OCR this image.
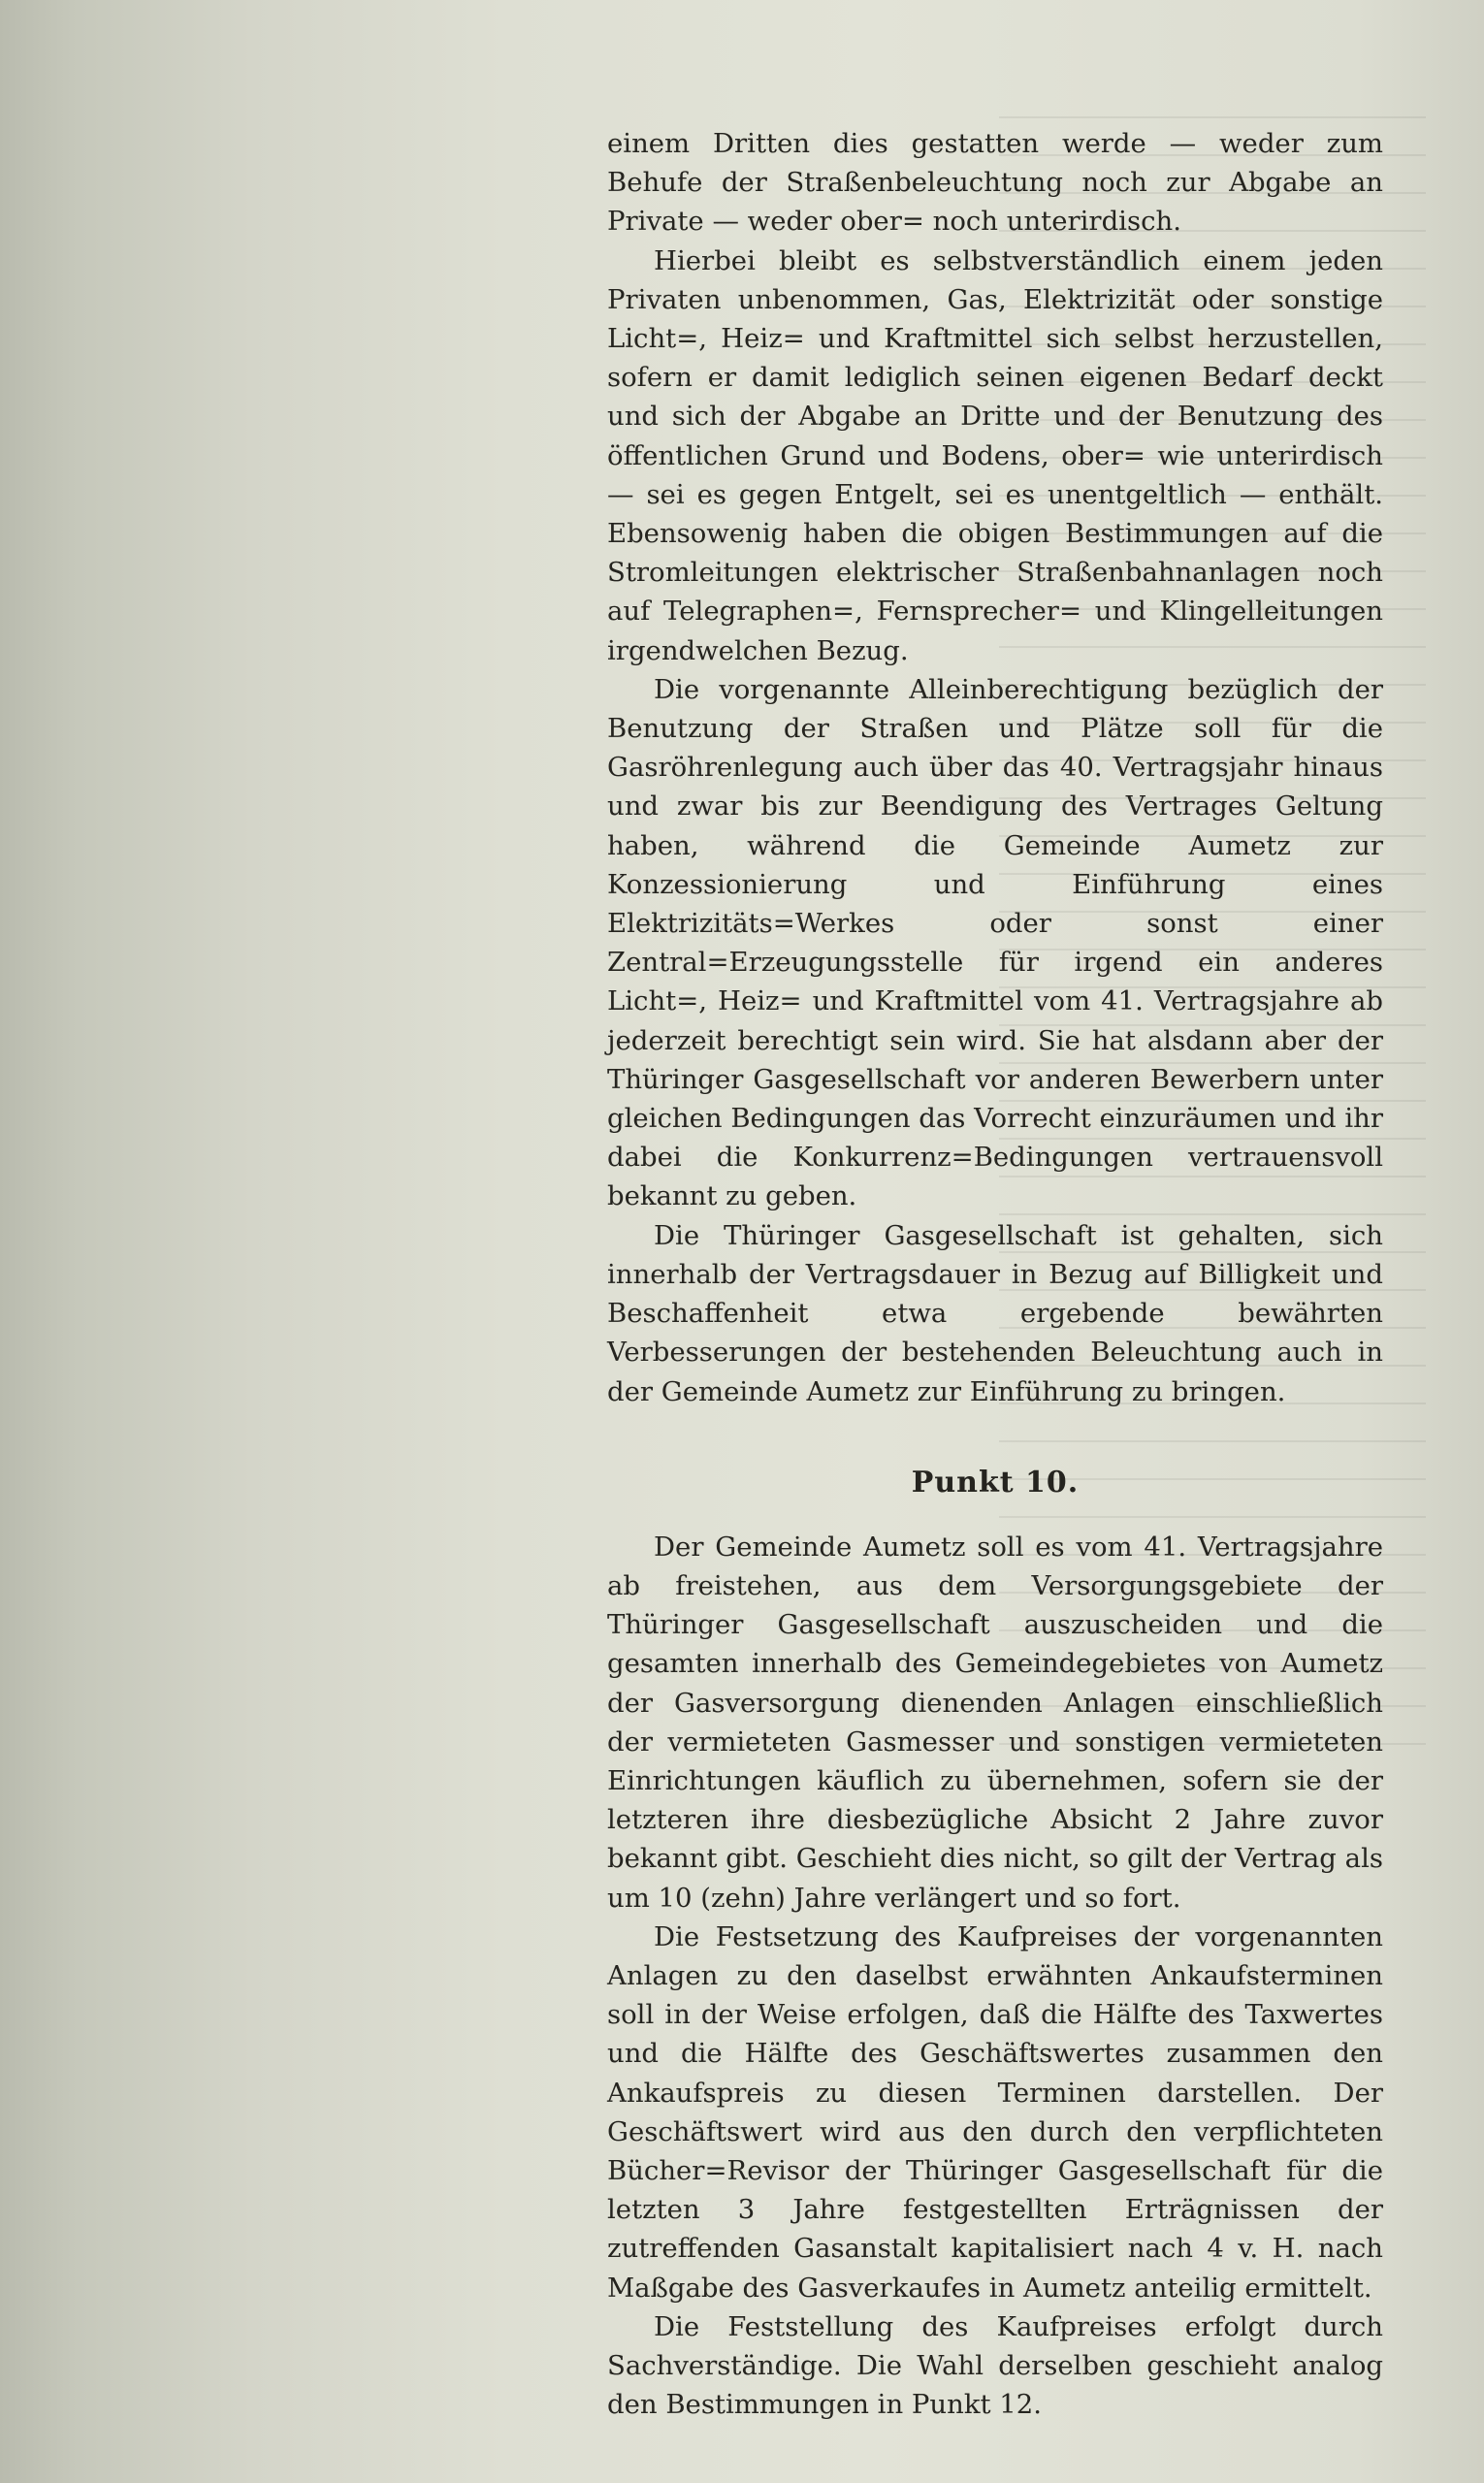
einem Dritten dies gestatten werde — weder zum Behufe der Straßenbeleuchtung noch zur Abgabe an Private — weder ober= noch unterirdisch.

Hierbei bleibt es selbstverständlich einem jeden Privaten unbenommen, Gas, Elektrizität oder sonstige Licht=, Heiz= und Kraftmittel sich selbst herzustellen, sofern er damit lediglich seinen eigenen Bedarf deckt und sich der Abgabe an Dritte und der Benutzung des öffentlichen Grund und Bodens, ober= wie unterirdisch — sei es gegen Entgelt, sei es unentgeltlich — enthält. Ebensowenig haben die obigen Bestimmungen auf die Stromleitungen elektrischer Straßenbahnanlagen noch auf Telegraphen=, Fernsprecher= und Klingelleitungen irgendwelchen Bezug.

Die vorgenannte Alleinberechtigung bezüglich der Benutzung der Straßen und Plätze soll für die Gasröhrenlegung auch über das 40. Vertragsjahr hinaus und zwar bis zur Beendigung des Vertrages Geltung haben, während die Gemeinde Aumetz zur Konzessionierung und Einführung eines Elektrizitäts=Werkes oder sonst einer Zentral=Erzeugungsstelle für irgend ein anderes Licht=, Heiz= und Kraftmittel vom 41. Vertragsjahre ab jederzeit berechtigt sein wird. Sie hat alsdann aber der Thüringer Gasgesellschaft vor anderen Bewerbern unter gleichen Bedingungen das Vorrecht einzuräumen und ihr dabei die Konkurrenz=Bedingungen vertrauensvoll bekannt zu geben.

Die Thüringer Gasgesellschaft ist gehalten, sich innerhalb der Vertragsdauer in Bezug auf Billigkeit und Beschaffenheit etwa ergebende bewährten Verbesserungen der bestehenden Beleuchtung auch in der Gemeinde Aumetz zur Einführung zu bringen.

Punkt 10.

Der Gemeinde Aumetz soll es vom 41. Vertragsjahre ab freistehen, aus dem Versorgungsgebiete der Thüringer Gasgesellschaft auszuscheiden und die gesamten innerhalb des Gemeindegebietes von Aumetz der Gasversorgung dienenden Anlagen einschließlich der vermieteten Gasmesser und sonstigen vermieteten Einrichtungen käuflich zu übernehmen, sofern sie der letzteren ihre diesbezügliche Absicht 2 Jahre zuvor bekannt gibt. Geschieht dies nicht, so gilt der Vertrag als um 10 (zehn) Jahre verlängert und so fort.

Die Festsetzung des Kaufpreises der vorgenannten Anlagen zu den daselbst erwähnten Ankaufsterminen soll in der Weise erfolgen, daß die Hälfte des Taxwertes und die Hälfte des Geschäftswertes zusammen den Ankaufspreis zu diesen Terminen darstellen. Der Geschäftswert wird aus den durch den verpflichteten Bücher=Revisor der Thüringer Gasgesellschaft für die letzten 3 Jahre festgestellten Erträgnissen der zutreffenden Gasanstalt kapitalisiert nach 4 v. H. nach Maßgabe des Gasverkaufes in Aumetz anteilig ermittelt.

Die Feststellung des Kaufpreises erfolgt durch Sachverständige. Die Wahl derselben geschieht analog den Bestimmungen in Punkt 12.
